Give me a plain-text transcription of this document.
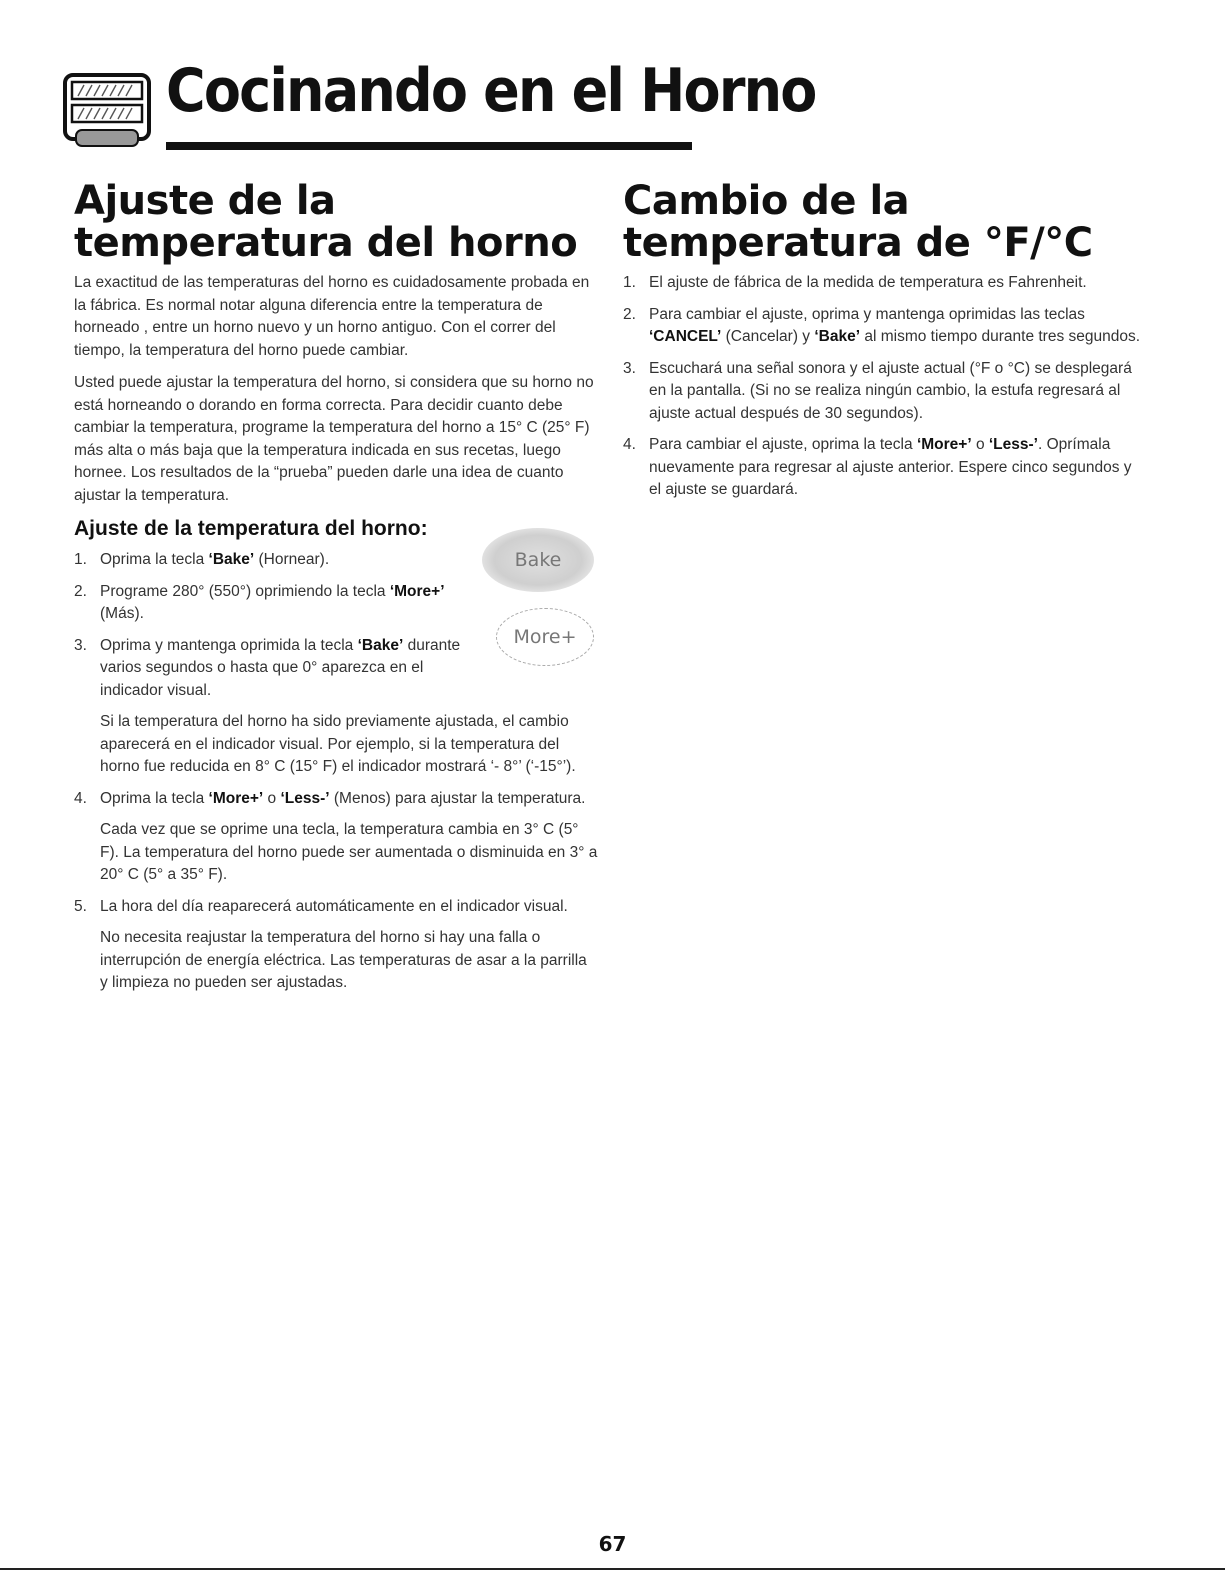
Cocinando en el Horno
Ajuste de la temperatura del horno

La exactitud de las temperaturas del horno es cuidadosamente probada en la fábrica. Es normal notar alguna diferencia entre la temperatura de horneado , entre un horno nuevo y un horno antiguo. Con el correr del tiempo, la temperatura del horno puede cambiar.

Usted puede ajustar la temperatura del horno, si considera que su horno no está horneando o dorando en forma correcta. Para decidir cuanto debe cambiar la temperatura, programe la temperatura del horno a 15° C (25° F) más alta o más baja que la temperatura indicada en sus recetas, luego hornee. Los resultados de la “prueba” pueden darle una idea de cuanto ajustar la temperatura.

Ajuste de la temperatura del horno:
1. Oprima la tecla ‘Bake’ (Hornear).
2. Programe 280° (550°) oprimiendo la tecla ‘More+’ (Más).
3. Oprima y mantenga oprimida la tecla ‘Bake’ durante varios segundos o hasta que 0° aparezca en el indicador visual.

Si la temperatura del horno ha sido previamente ajustada, el cambio aparecerá en el indicador visual. Por ejemplo, si la temperatura del horno fue reducida en 8° C (15° F) el indicador mostrará ‘- 8°’ (‘-15°’).

4. Oprima la tecla ‘More+’ o ‘Less-’ (Menos) para ajustar la temperatura.

Cada vez que se oprime una tecla, la temperatura cambia en 3° C (5° F). La temperatura del horno puede ser aumentada o disminuida en 3° a 20° C (5° a 35° F).

5. La hora del día reaparecerá automáticamente en el indicador visual.

No necesita reajustar la temperatura del horno si hay una falla o interrupción de energía eléctrica. Las temperaturas de asar a la parrilla y limpieza no pueden ser ajustadas.

Bake
More+
Cambio de la temperatura de °F/°C
1. El ajuste de fábrica de la medida de temperatura es Fahrenheit.
2. Para cambiar el ajuste, oprima y mantenga oprimidas las teclas ‘CANCEL’ (Cancelar) y ‘Bake’ al mismo tiempo durante tres segundos.
3. Escuchará una señal sonora y el ajuste actual (°F o °C) se desplegará en la pantalla. (Si no se realiza ningún cambio, la estufa regresará al ajuste actual después de 30 segundos).
4. Para cambiar el ajuste, oprima la tecla ‘More+’ o ‘Less-’. Oprímala nuevamente para regresar al ajuste anterior. Espere cinco segundos y el ajuste se guardará.
67
